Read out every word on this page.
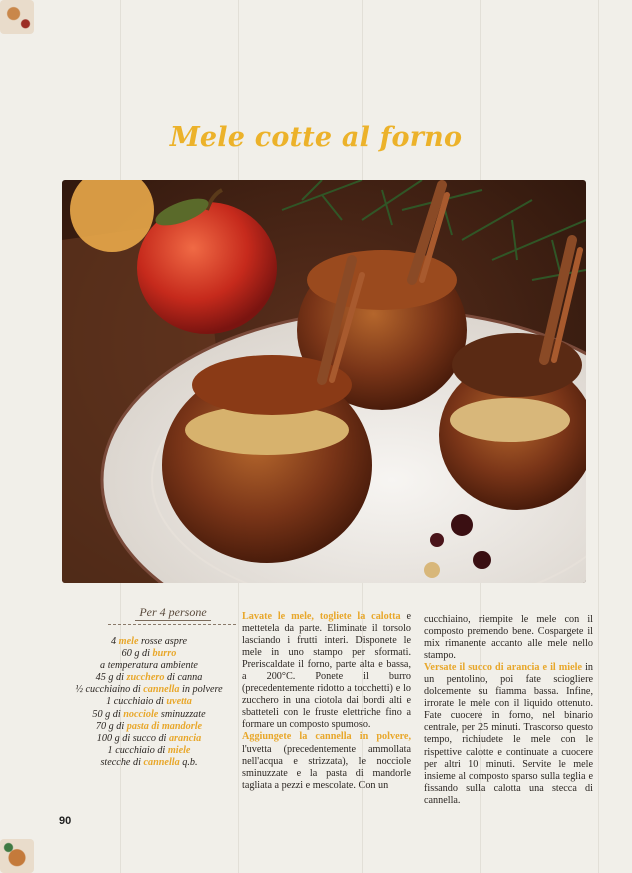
Mele cotte al forno
Per 4 persone
4 mele rosse aspre
60 g di burro
a temperatura ambiente
45 g di zucchero di canna
½ cucchiaino di cannella in polvere
1 cucchiaio di uvetta
50 g di nocciole sminuzzate
70 g di pasta di mandorle
100 g di succo di arancia
1 cucchiaio di miele
stecche di cannella q.b.

Lavate le mele, togliete la calotta e mettetela da parte. Eliminate il torsolo lasciando i frutti interi. Disponete le mele in uno stampo per sformati. Preriscaldate il forno, parte alta e bassa, a 200°C. Ponete il burro (precedentemente ridotto a tocchetti) e lo zucchero in una ciotola dai bordi alti e sbatteteli con le fruste elettriche fino a formare un composto spumoso.

Aggiungete la cannella in polvere, l'uvetta (precedentemente ammollata nell'acqua e strizzata), le nocciole sminuzzate e la pasta di mandorle tagliata a pezzi e mescolate. Con un

cucchiaino, riempite le mele con il composto premendo bene. Cospargete il mix rimanente accanto alle mele nello stampo.

Versate il succo di arancia e il miele in un pentolino, poi fate sciogliere dolcemente su fiamma bassa. Infine, irrorate le mele con il liquido ottenuto. Fate cuocere in forno, nel binario centrale, per 25 minuti. Trascorso questo tempo, richiudete le mele con le rispettive calotte e continuate a cuocere per altri 10 minuti. Servite le mele insieme al composto sparso sulla teglia e fissando sulla calotta una stecca di cannella.

90
